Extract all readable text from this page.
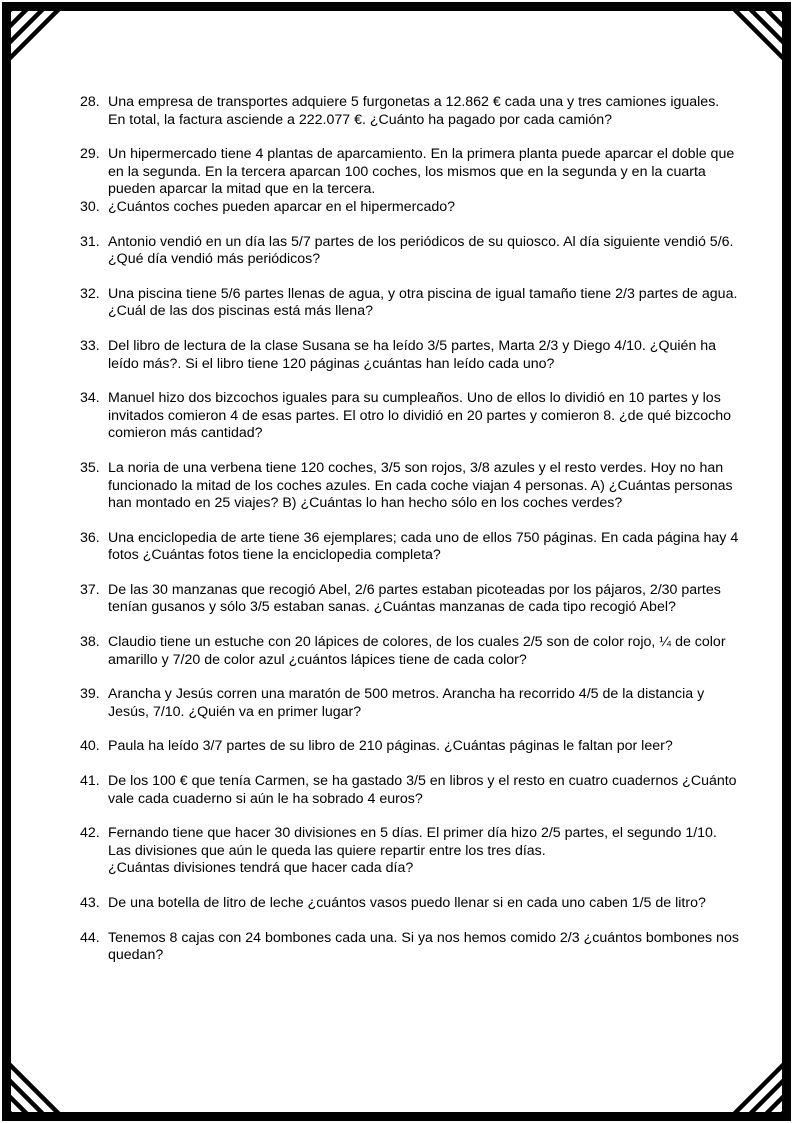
28. Una empresa de transportes adquiere 5 furgonetas a 12.862 € cada una y tres camiones iguales. En total, la factura asciende a 222.077 €. ¿Cuánto ha pagado por cada camión?
29. Un hipermercado tiene 4 plantas de aparcamiento. En la primera planta puede aparcar el doble que en la segunda. En la tercera aparcan 100 coches, los mismos que en la segunda y en la cuarta pueden aparcar la mitad que en la tercera.
30. ¿Cuántos coches pueden aparcar en el hipermercado?
31. Antonio vendió en un día las 5/7 partes de los periódicos de su quiosco. Al día siguiente vendió 5/6. ¿Qué día vendió más periódicos?
32. Una piscina tiene 5/6 partes llenas de agua, y otra piscina de igual tamaño tiene 2/3 partes de agua. ¿Cuál de las dos piscinas está más llena?
33. Del libro de lectura de la clase Susana se ha leído 3/5 partes, Marta 2/3 y Diego 4/10. ¿Quién ha leído más?. Si el libro tiene 120 páginas ¿cuántas han leído cada uno?
34. Manuel hizo dos bizcochos iguales para su cumpleaños. Uno de ellos lo dividió en 10 partes y los invitados comieron 4 de esas partes. El otro lo dividió en 20 partes y comieron 8. ¿de qué bizcocho comieron más cantidad?
35. La noria de una verbena tiene 120 coches, 3/5 son rojos, 3/8 azules y el resto verdes. Hoy no han funcionado la mitad de los coches azules. En cada coche viajan 4 personas. A) ¿Cuántas personas han montado en 25 viajes? B) ¿Cuántas lo han hecho sólo en los coches verdes?
36. Una enciclopedia de arte tiene 36 ejemplares; cada uno de ellos 750 páginas. En cada página hay 4 fotos ¿Cuántas fotos tiene la enciclopedia completa?
37. De las 30 manzanas que recogió Abel, 2/6 partes estaban picoteadas por los pájaros, 2/30 partes tenían gusanos y sólo 3/5 estaban sanas. ¿Cuántas manzanas de cada tipo recogió Abel?
38. Claudio tiene un estuche con 20 lápices de colores, de los cuales 2/5 son de color rojo, ¼ de color amarillo y 7/20 de color azul ¿cuántos lápices tiene de cada color?
39. Arancha y Jesús corren una maratón de 500 metros. Arancha ha recorrido 4/5 de la distancia y Jesús, 7/10. ¿Quién va en primer lugar?
40. Paula ha leído 3/7 partes de su libro de 210 páginas. ¿Cuántas páginas le faltan por leer?
41. De los 100 € que tenía Carmen, se ha gastado 3/5 en libros y el resto en cuatro cuadernos ¿Cuánto vale cada cuaderno si aún le ha sobrado 4 euros?
42. Fernando tiene que hacer 30 divisiones en 5 días. El primer día hizo 2/5 partes, el segundo 1/10. Las divisiones que aún le queda las quiere repartir entre los tres días.
¿Cuántas divisiones tendrá que hacer cada día?
43. De una botella de litro de leche ¿cuántos vasos puedo llenar si en cada uno caben 1/5 de litro?
44. Tenemos 8 cajas con 24 bombones cada una. Si ya nos hemos comido 2/3 ¿cuántos bombones nos quedan?
